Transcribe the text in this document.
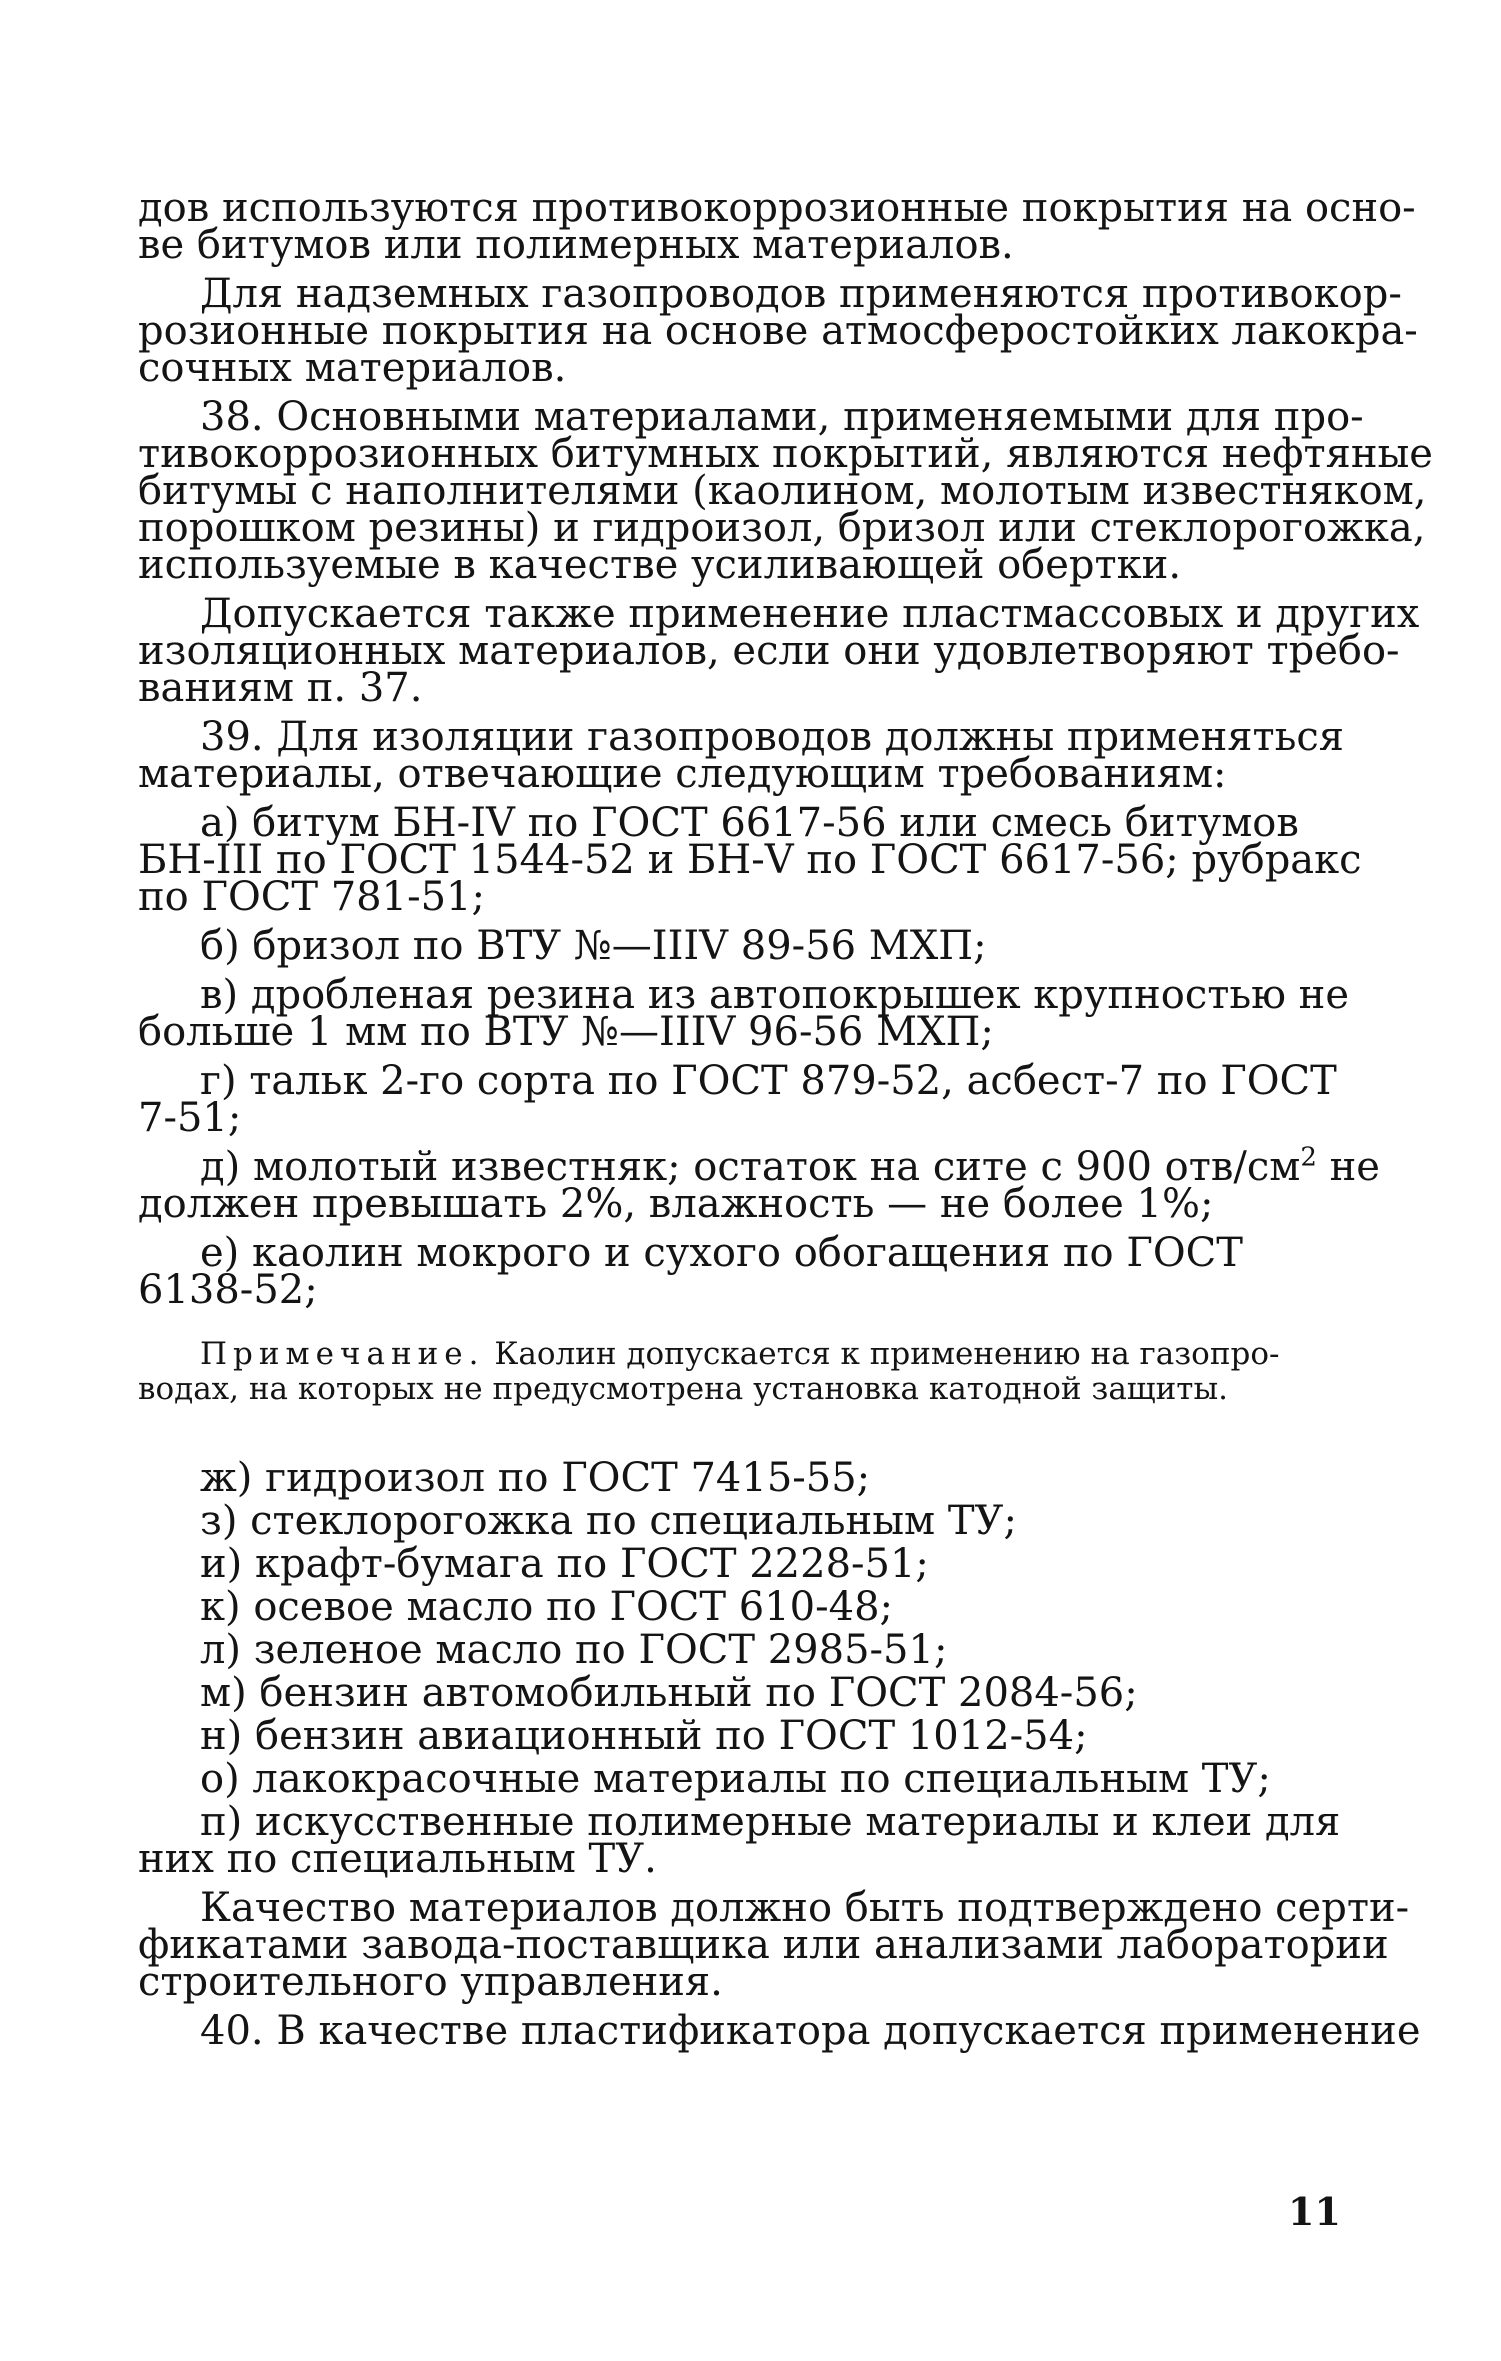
дов используются противокоррозионные покрытия на осно-
ве битумов или полимерных материалов.
Для надземных газопроводов применяются противокор-
розионные покрытия на основе атмосферостойких лакокра-
сочных материалов.
38. Основными материалами, применяемыми для про-
тивокоррозионных битумных покрытий, являются нефтяные
битумы с наполнителями (каолином, молотым известняком,
порошком резины) и гидроизол, бризол или стеклорогожка,
используемые в качестве усиливающей обертки.
Допускается также применение пластмассовых и других
изоляционных материалов, если они удовлетворяют требо-
ваниям п. 37.
39. Для изоляции газопроводов должны применяться
материалы, отвечающие следующим требованиям:
а) битум БН-IV по ГОСТ 6617-56 или смесь битумов
БН-III по ГОСТ 1544-52 и БН-V по ГОСТ 6617-56; рубракс
по ГОСТ 781-51;
б) бризол по ВТУ №—IIIV 89-56 МХП;
в) дробленая резина из автопокрышек крупностью не
больше 1 мм по ВТУ №—IIIV 96-56 МХП;
г) тальк 2-го сорта по ГОСТ 879-52, асбест-7 по ГОСТ
7-51;
д) молотый известняк; остаток на сите с 900 отв/$см^2$ не
должен превышать 2%, влажность — не более 1%;
е) каолин мокрого и сухого обогащения по ГОСТ
6138-52;
Примечание. Каолин допускается к применению на газопро-
водах, на которых не предусмотрена установка катодной защиты.
ж) гидроизол по ГОСТ 7415-55;
з) стеклорогожка по специальным ТУ;
и) крафт-бумага по ГОСТ 2228-51;
к) осевое масло по ГОСТ 610-48;
л) зеленое масло по ГОСТ 2985-51;
м) бензин автомобильный по ГОСТ 2084-56;
н) бензин авиационный по ГОСТ 1012-54;
о) лакокрасочные материалы по специальным ТУ;
п) искусственные полимерные материалы и клеи для
них по специальным ТУ.
Качество материалов должно быть подтверждено серти-
фикатами завода-поставщика или анализами лаборатории
строительного управления.
40. В качестве пластификатора допускается применение
11
